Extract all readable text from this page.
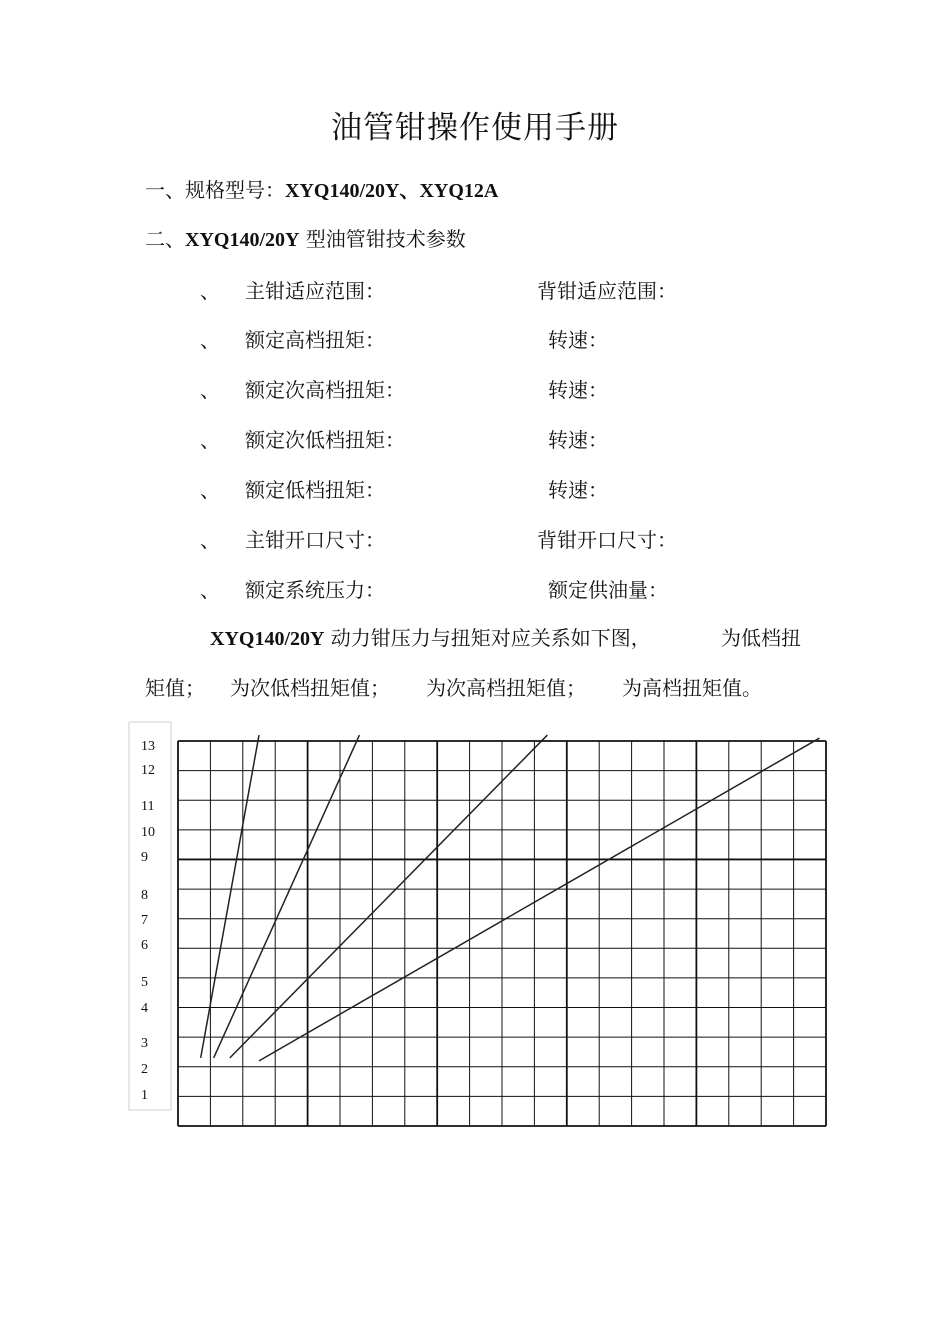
油管钳操作使用手册
一、规格型号：XYQ140/20Y、XYQ12A
二、XYQ140/20Y 型油管钳技术参数
、 主钳适应范围：	背钳适应范围：
、 额定高档扭矩：	转速：
、 额定次高档扭矩：	转速：
、 额定次低档扭矩：	转速：
、 额定低档扭矩：	转速：
、 主钳开口尺寸：	背钳开口尺寸：
、 额定系统压力：	额定供油量：
XYQ140/20Y 动力钳压力与扭矩对应关系如下图，	为低档扭
矩值； 为次低档扭矩值； 为次高档扭矩值； 为高档扭矩值。
13
12
11
10
9
8
7
6
5
4
3
2
1
